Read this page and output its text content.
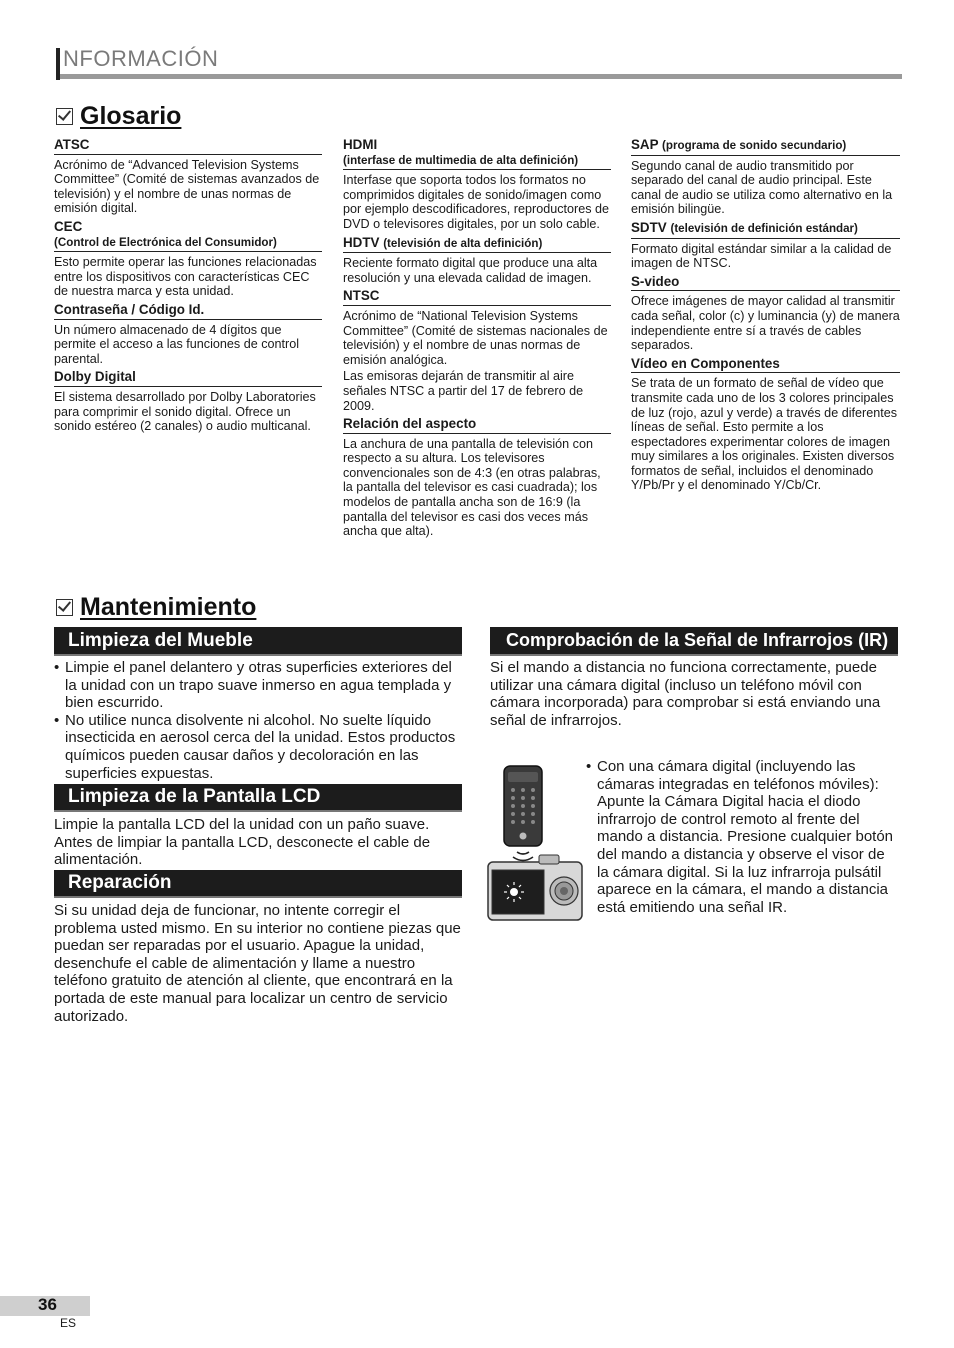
NFORMACIÓN
Glosario
ATSC

Acrónimo de “Advanced Television Systems Committee” (Comité de sistemas avanzados de televisión) y el nombre de unas normas de emisión digital.

CEC
(Control de Electrónica del Consumidor)

Esto permite operar las funciones relacionadas entre los dispositivos con características CEC de nuestra marca y esta unidad.

Contraseña / Código Id.

Un número almacenado de 4 dígitos que permite el acceso a las funciones de control parental.

Dolby Digital

El sistema desarrollado por Dolby Laboratories para comprimir el sonido digital. Ofrece un sonido estéreo (2 canales) o audio multicanal.

HDMI
(interfase de multimedia de alta definición)

Interfase que soporta todos los formatos no comprimidos digitales de sonido/imagen como por ejemplo descodificadores, reproductores de DVD o televisores digitales, por un solo cable.

HDTV (televisión de alta definición)

Reciente formato digital que produce una alta resolución y una elevada calidad de imagen.

NTSC

Acrónimo de “National Television Systems Committee” (Comité de sistemas nacionales de televisión) y el nombre de unas normas de emisión analógica.

Las emisoras dejarán de transmitir al aire señales NTSC a partir del 17 de febrero de 2009.

Relación del aspecto

La anchura de una pantalla de televisión con respecto a su altura. Los televisores convencionales son de 4:3 (en otras palabras, la pantalla del televisor es casi cuadrada); los modelos de pantalla ancha son de 16:9 (la pantalla del televisor es casi dos veces más ancha que alta).

SAP (programa de sonido secundario)

Segundo canal de audio transmitido por separado del canal de audio principal. Este canal de audio se utiliza como alternativo en la emisión bilingüe.

SDTV (televisión de definición estándar)

Formato digital estándar similar a la calidad de imagen de NTSC.

S-video

Ofrece imágenes de mayor calidad al transmitir cada señal, color (c) y luminancia (y) de manera independiente entre sí a través de cables separados.

Vídeo en Componentes

Se trata de un formato de señal de vídeo que transmite cada uno de los 3 colores principales de luz (rojo, azul y verde) a través de diferentes líneas de señal. Esto permite a los espectadores experimentar colores de imagen muy similares a los originales. Existen diversos formatos de señal, incluidos el denominado Y/Pb/Pr y el denominado Y/Cb/Cr.

Mantenimiento
Limpieza del Mueble
• Limpie el panel delantero y otras superficies exteriores del la unidad con un trapo suave inmerso en agua templada y bien escurrido.
• No utilice nunca disolvente ni alcohol. No suelte líquido insecticida en aerosol cerca del la unidad. Estos productos químicos pueden causar daños y decoloración en las superficies expuestas.
Limpieza de la Pantalla LCD

Limpie la pantalla LCD del la unidad con un paño suave. Antes de limpiar la pantalla LCD, desconecte el cable de alimentación.

Reparación

Si su unidad deja de funcionar, no intente corregir el problema usted mismo. En su interior no contiene piezas que puedan ser reparadas por el usuario. Apague la unidad, desenchufe el cable de alimentación y llame a nuestro teléfono gratuito de atención al cliente, que encontrará en la portada de este manual para localizar un centro de servicio autorizado.

Comprobación de la Señal de Infrarrojos (IR)

Si el mando a distancia no funciona correctamente, puede utilizar una cámara digital (incluso un teléfono móvil con cámara incorporada) para comprobar si está enviando una señal de infrarrojos.

• Con una cámara digital (incluyendo las cámaras integradas en teléfonos móviles):
Apunte la Cámara Digital hacia el diodo infrarrojo de control remoto al frente del mando a distancia. Presione cualquier botón del mando a distancia y observe el visor de la cámara digital. Si la luz infrarroja pulsátil aparece en la cámara, el mando a distancia está emitiendo una señal IR.
36
ES
